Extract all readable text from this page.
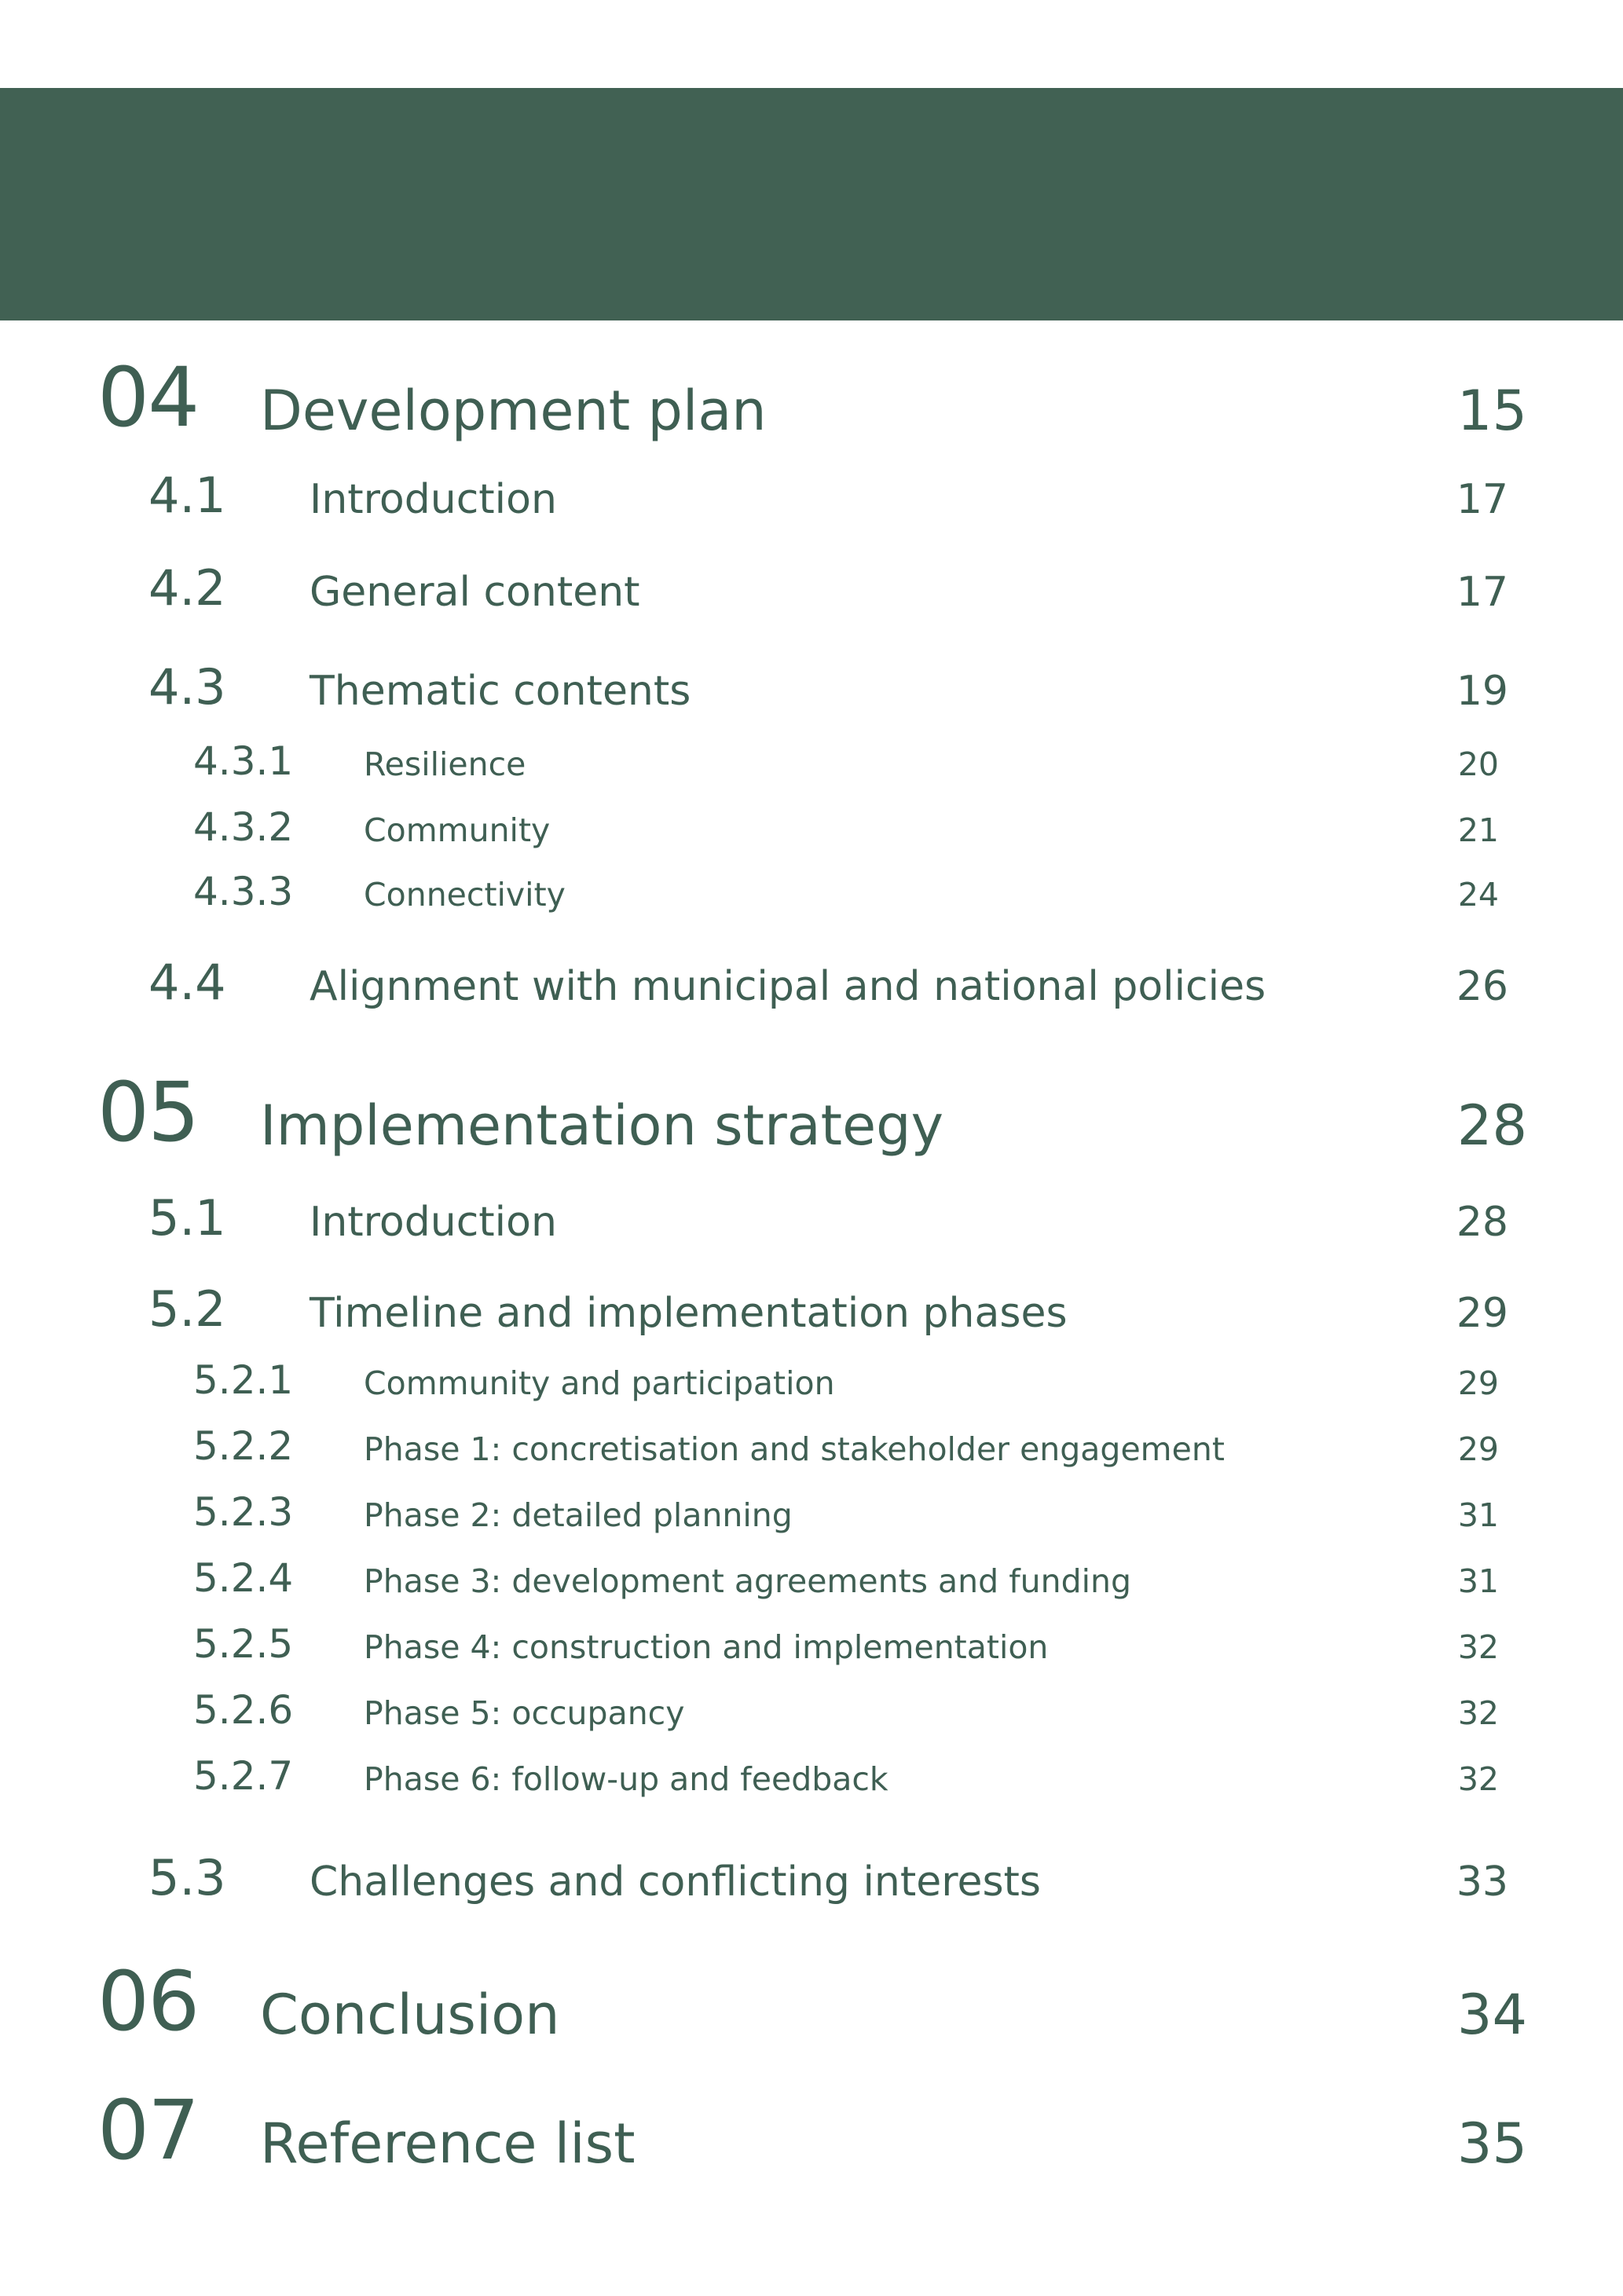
04 Development plan	15
4.1 Introduction	17
4.2 General content	17
4.3 Thematic contents	19
4.3.1 Resilience	20
4.3.2 Community	21
4.3.3 Connectivity	24
4.4 Alignment with municipal and national policies	26
05 Implementation strategy	28
5.1 Introduction	28
5.2 Timeline and implementation phases	29
5.2.1 Community and participation	29
5.2.2 Phase 1: concretisation and stakeholder engagement	29
5.2.3 Phase 2: detailed planning	31
5.2.4 Phase 3: development agreements and funding	31
5.2.5 Phase 4: construction and implementation	32
5.2.6 Phase 5: occupancy	32
5.2.7 Phase 6: follow-up and feedback	32
5.3 Challenges and conflicting interests	33
06 Conclusion	34
07 Reference list	35
